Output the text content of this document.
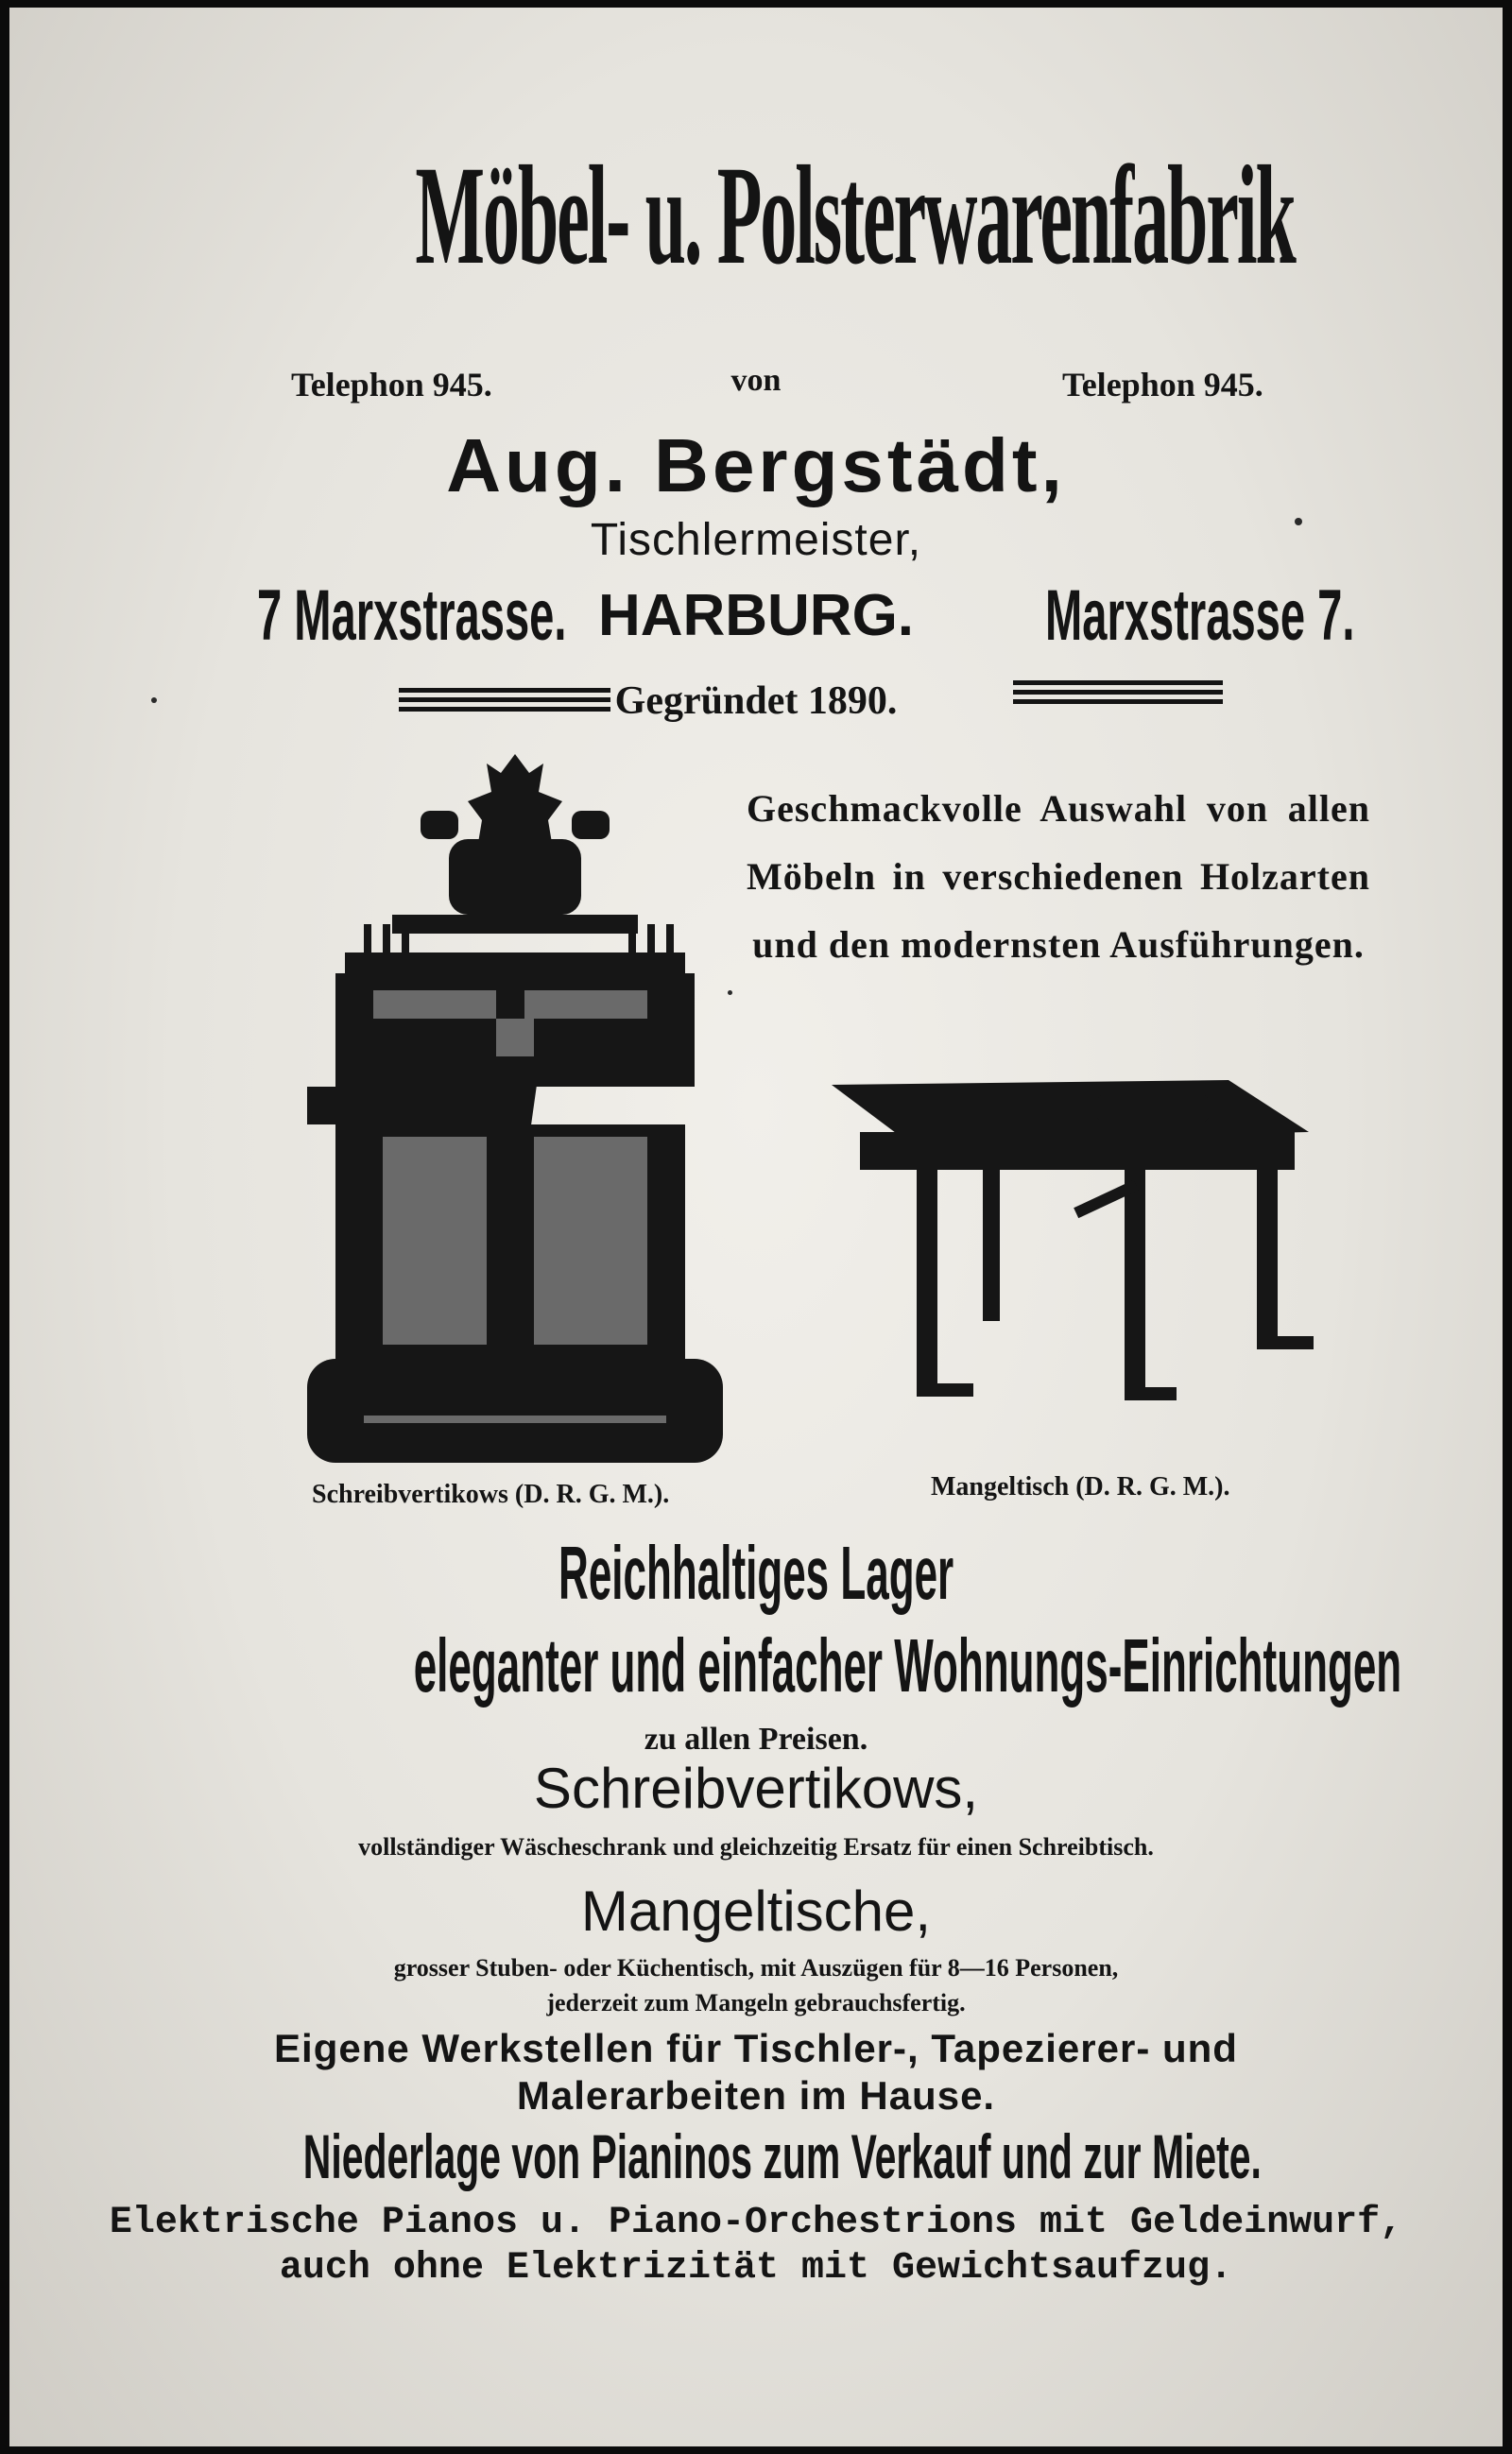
Möbel- u. Polsterwarenfabrik
Telephon 945.	von	Telephon 945.
Aug. Bergstädt,
Tischlermeister,
7 Marxstrasse. HARBURG.	Marxstrasse 7.
Gegründet 1890.
Geschmackvolle Auswahl von allen Möbeln in verschiedenen Holzarten und den modernsten Ausführungen.
Schreibvertikows (D. R. G. M.).	Mangeltisch (D. R. G. M.).
Reichhaltiges Lager
eleganter und einfacher Wohnungs-Einrichtungen
zu allen Preisen.
Schreibvertikows,
vollständiger Wäscheschrank und gleichzeitig Ersatz für einen Schreibtisch.
Mangeltische,
grosser Stuben- oder Küchentisch, mit Auszügen für 8—16 Personen,
jederzeit zum Mangeln gebrauchsfertig.
Eigene Werkstellen für Tischler-, Tapezierer- und
Malerarbeiten im Hause.
Niederlage von Pianinos zum Verkauf und zur Miete.
Elektrische Pianos u. Piano-Orchestrions mit Geldeinwurf,
auch ohne Elektrizität mit Gewichtsaufzug.
